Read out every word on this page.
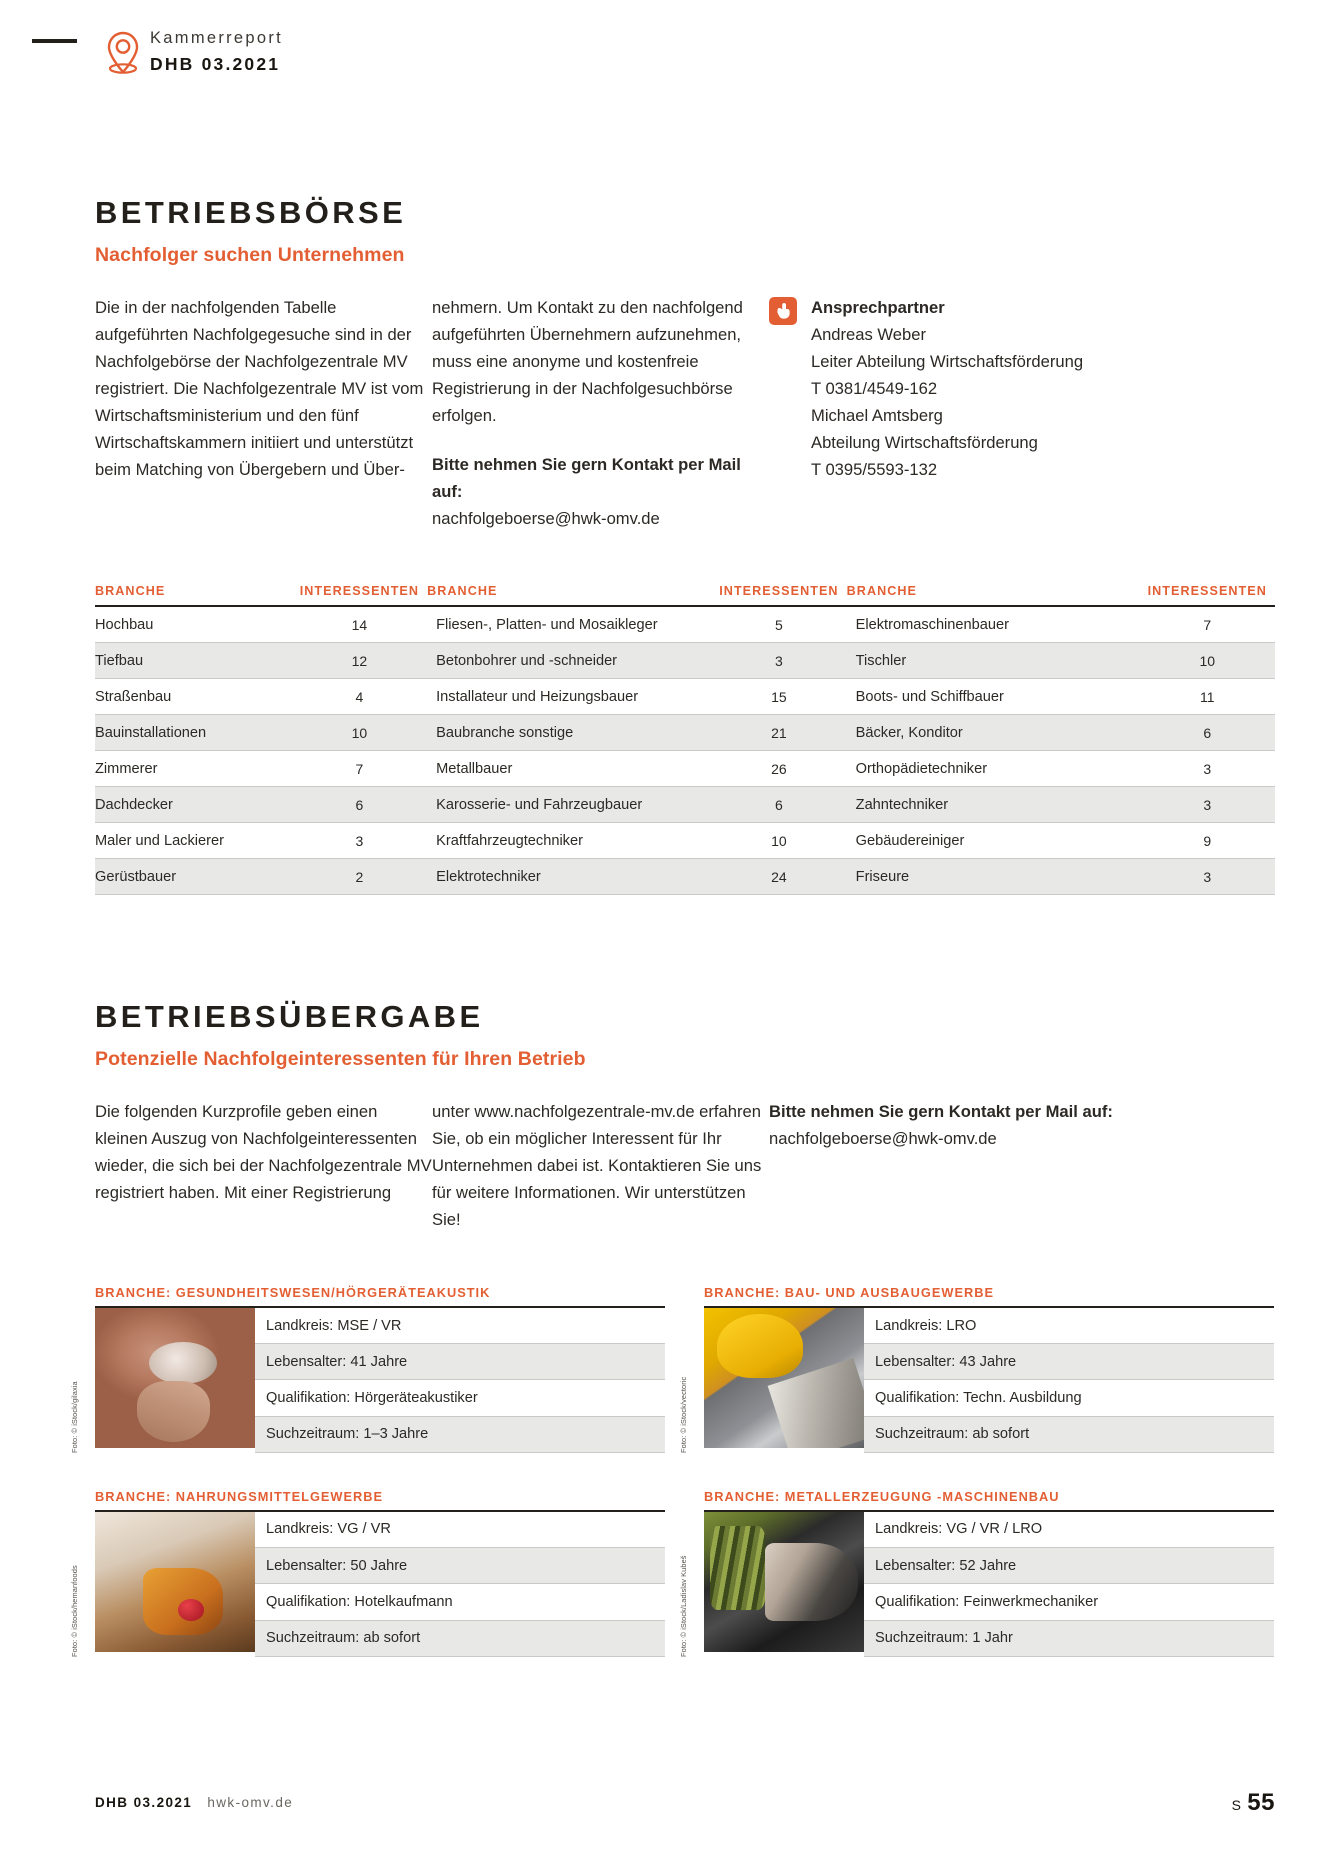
Kammerreport
DHB 03.2021
BETRIEBSBÖRSE
Nachfolger suchen Unternehmen
Die in der nachfolgenden Tabelle aufgeführten Nachfolgegesuche sind in der Nachfolgebörse der Nachfolgezentrale MV registriert. Die Nachfolgezentrale MV ist vom Wirtschaftsministerium und den fünf Wirtschaftskammern initiiert und unterstützt beim Matching von Übergebern und Über-
nehmern. Um Kontakt zu den nachfolgend aufgeführten Übernehmern aufzunehmen, muss eine anonyme und kostenfreie Registrierung in der Nachfolgesuchbörse erfolgen.
Bitte nehmen Sie gern Kontakt per Mail auf:
nachfolgeboerse@hwk-omv.de
Ansprechpartner
Andreas Weber
Leiter Abteilung Wirtschaftsförderung
T 0381/4549-162
Michael Amtsberg
Abteilung Wirtschaftsförderung
T 0395/5593-132
BRANCHE	INTERESSENTEN	BRANCHE	INTERESSENTEN	BRANCHE	INTERESSENTEN
Hochbau	14	Fliesen-, Platten- und Mosaikleger	5	Elektromaschinenbauer	7
Tiefbau	12	Betonbohrer und -schneider	3	Tischler	10
Straßenbau	4	Installateur und Heizungsbauer	15	Boots- und Schiffbauer	11
Bauinstallationen	10	Baubranche sonstige	21	Bäcker, Konditor	6
Zimmerer	7	Metallbauer	26	Orthopädietechniker	3
Dachdecker	6	Karosserie- und Fahrzeugbauer	6	Zahntechniker	3
Maler und Lackierer	3	Kraftfahrzeugtechniker	10	Gebäudereiniger	9
Gerüstbauer	2	Elektrotechniker	24	Friseure	3
BETRIEBSÜBERGABE
Potenzielle Nachfolgeinteressenten für Ihren Betrieb
Die folgenden Kurzprofile geben einen kleinen Auszug von Nachfolgeinteressenten wieder, die sich bei der Nachfolgezentrale MV registriert haben. Mit einer Registrierung
unter www.nachfolgezentrale-mv.de erfahren Sie, ob ein möglicher Interessent für Ihr Unternehmen dabei ist. Kontaktieren Sie uns für weitere Informationen. Wir unterstützen Sie!
Bitte nehmen Sie gern Kontakt per Mail auf:
nachfolgeboerse@hwk-omv.de
BRANCHE: GESUNDHEITSWESEN/HÖRGERÄTEAKUSTIK
Foto: © iStock/gilaxia
Landkreis: MSE / VR
Lebensalter: 41 Jahre
Qualifikation: Hörgeräteakustiker
Suchzeitraum: 1–3 Jahre
BRANCHE: BAU- UND AUSBAUGEWERBE
Foto: © iStock/vectoric
Landkreis: LRO
Lebensalter: 43 Jahre
Qualifikation: Techn. Ausbildung
Suchzeitraum: ab sofort
BRANCHE: NAHRUNGSMITTELGEWERBE
Foto: © iStock/hemanfoods
Landkreis: VG / VR
Lebensalter: 50 Jahre
Qualifikation: Hotelkaufmann
Suchzeitraum: ab sofort
BRANCHE: METALLERZEUGUNG -MASCHINENBAU
Foto: © iStock/Ladislav Kubeš
Landkreis: VG / VR / LRO
Lebensalter: 52 Jahre
Qualifikation: Feinwerkmechaniker
Suchzeitraum: 1 Jahr
DHB 03.2021 hwk-omv.de	S 55
